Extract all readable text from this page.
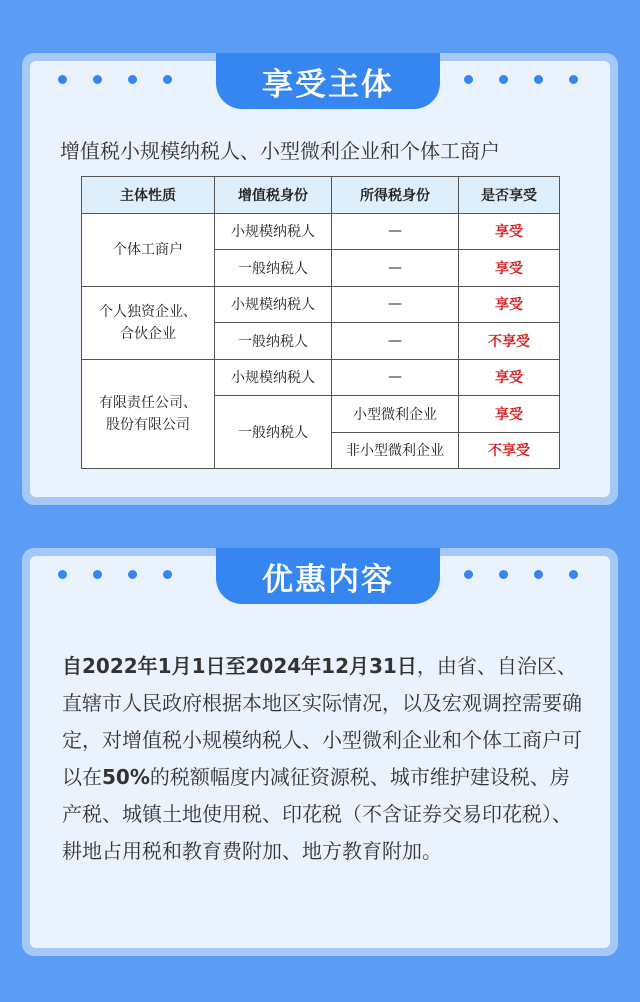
享受主体
增值税小规模纳税人、小型微利企业和个体工商户
主体性质	增值税身份	所得税身份	是否享受
个体工商户	小规模纳税人	—	享受
	一般纳税人	—	享受
个人独资企业、
合伙企业	小规模纳税人	—	享受
	一般纳税人	—	不享受
有限责任公司、
股份有限公司	小规模纳税人	—	享受
	一般纳税人	小型微利企业	享受
		非小型微利企业	不享受
优惠内容

自2022年1月1日至2024年12月31日，由省、自治区、直辖市人民政府根据本地区实际情况，以及宏观调控需要确定，对增值税小规模纳税人、小型微利企业和个体工商户可以在50%的税额幅度内减征资源税、城市维护建设税、房产税、城镇土地使用税、印花税（不含证券交易印花税）、耕地占用税和教育费附加、地方教育附加。
